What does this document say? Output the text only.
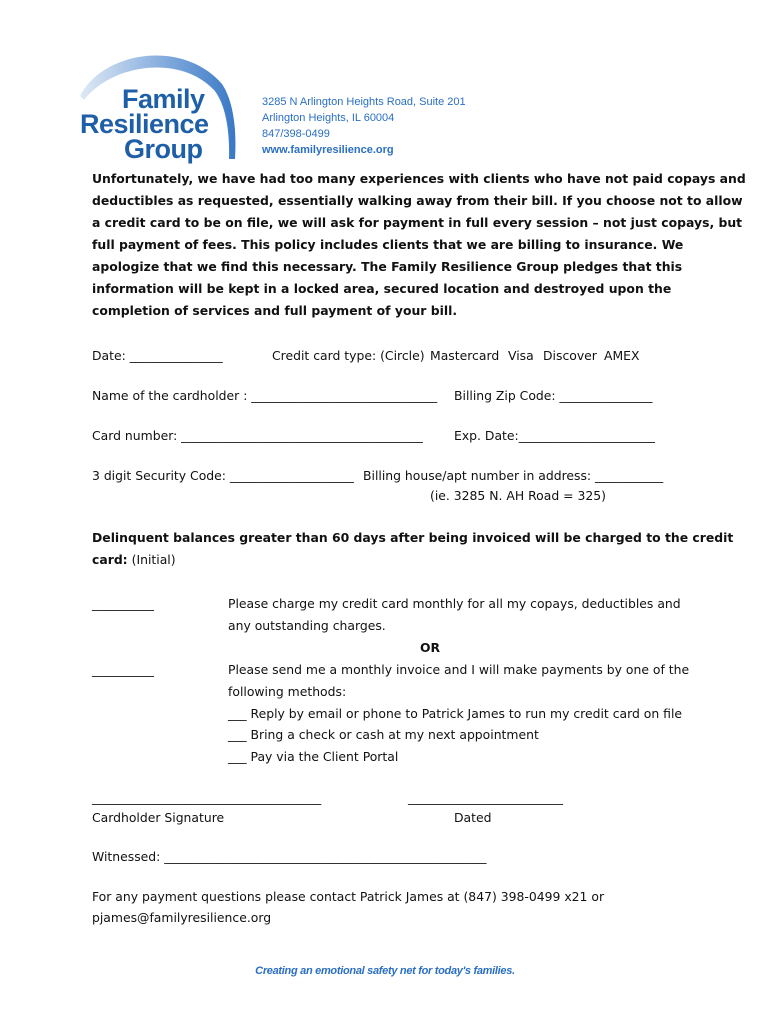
Family
Resilience
Group
3285 N Arlington Heights Road, Suite 201
Arlington Heights, IL 60004
847/398-0499
www.familyresilience.org
Unfortunately, we have had too many experiences with clients who have not paid copays and
deductibles as requested, essentially walking away from their bill. If you choose not to allow
a credit card to be on file, we will ask for payment in full every session – not just copays, but
full payment of fees. This policy includes clients that we are billing to insurance. We
apologize that we find this necessary. The Family Resilience Group pledges that this
information will be kept in a locked area, secured location and destroyed upon the
completion of services and full payment of your bill.
Date: _______________	Credit card type: (Circle) Mastercard Visa Discover AMEX
Name of the cardholder : ______________________________ Billing Zip Code: _______________
Card number: _______________________________________	Exp. Date:______________________
3 digit Security Code: ____________________ Billing house/apt number in address: ___________
(ie. 3285 N. AH Road = 325)
Delinquent balances greater than 60 days after being invoiced will be charged to the credit
card: (Initial)
__________	Please charge my credit card monthly for all my copays, deductibles and
any outstanding charges.
OR
__________	Please send me a monthly invoice and I will make payments by one of the
following methods:
___ Reply by email or phone to Patrick James to run my credit card on file
___ Bring a check or cash at my next appointment
___ Pay via the Client Portal
_____________________________________	_________________________
Cardholder Signature	Dated
Witnessed: ____________________________________________________
For any payment questions please contact Patrick James at (847) 398-0499 x21 or
pjames@familyresilience.org
Creating an emotional safety net for today's families.
